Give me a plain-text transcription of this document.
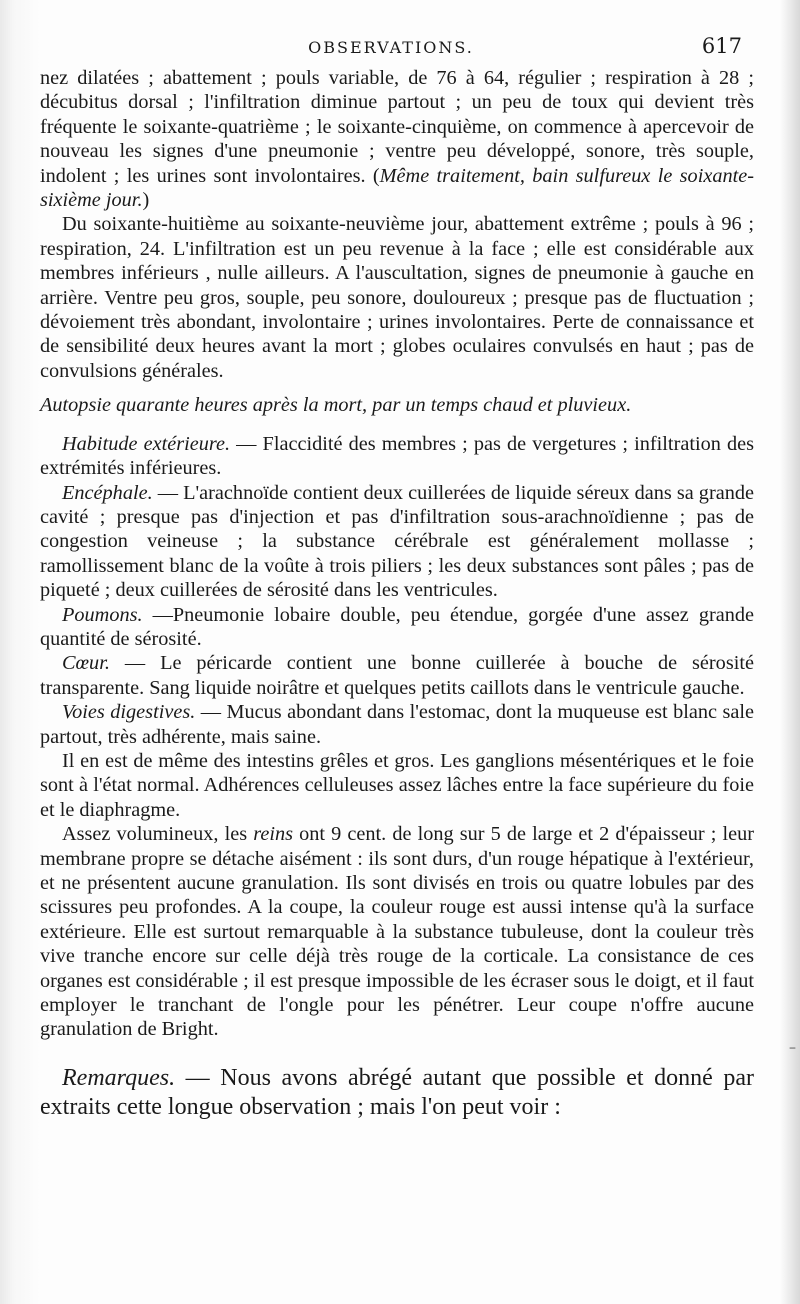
OBSERVATIONS.	617

nez dilatées ; abattement ; pouls variable, de 76 à 64, régulier ; respiration à 28 ; décubitus dorsal ; l'infiltration diminue partout ; un peu de toux qui devient très fréquente le soixante-quatrième ; le soixante-cinquième, on commence à apercevoir de nouveau les signes d'une pneumonie ; ventre peu développé, sonore, très souple, indolent ; les urines sont involontaires. (Même traitement, bain sulfureux le soixante-sixième jour.)

Du soixante-huitième au soixante-neuvième jour, abattement extrême ; pouls à 96 ; respiration, 24. L'infiltration est un peu revenue à la face ; elle est considérable aux membres inférieurs , nulle ailleurs. A l'auscultation, signes de pneumonie à gauche en arrière. Ventre peu gros, souple, peu sonore, douloureux ; presque pas de fluctuation ; dévoiement très abondant, involontaire ; urines involontaires. Perte de connaissance et de sensibilité deux heures avant la mort ; globes oculaires convulsés en haut ; pas de convulsions générales.

Autopsie quarante heures après la mort, par un temps chaud et pluvieux.

Habitude extérieure. — Flaccidité des membres ; pas de vergetures ; infiltration des extrémités inférieures.

Encéphale. — L'arachnoïde contient deux cuillerées de liquide séreux dans sa grande cavité ; presque pas d'injection et pas d'infiltration sous-arachnoïdienne ; pas de congestion veineuse ; la substance cérébrale est généralement mollasse ; ramollissement blanc de la voûte à trois piliers ; les deux substances sont pâles ; pas de piqueté ; deux cuillerées de sérosité dans les ventricules.

Poumons. —Pneumonie lobaire double, peu étendue, gorgée d'une assez grande quantité de sérosité.

Cœur. — Le péricarde contient une bonne cuillerée à bouche de sérosité transparente. Sang liquide noirâtre et quelques petits caillots dans le ventricule gauche.

Voies digestives. — Mucus abondant dans l'estomac, dont la muqueuse est blanc sale partout, très adhérente, mais saine.

Il en est de même des intestins grêles et gros. Les ganglions mésentériques et le foie sont à l'état normal. Adhérences celluleuses assez lâches entre la face supérieure du foie et le diaphragme.

Assez volumineux, les reins ont 9 cent. de long sur 5 de large et 2 d'épaisseur ; leur membrane propre se détache aisément : ils sont durs, d'un rouge hépatique à l'extérieur, et ne présentent aucune granulation. Ils sont divisés en trois ou quatre lobules par des scissures peu profondes. A la coupe, la couleur rouge est aussi intense qu'à la surface extérieure. Elle est surtout remarquable à la substance tubuleuse, dont la couleur très vive tranche encore sur celle déjà très rouge de la corticale. La consistance de ces organes est considérable ; il est presque impossible de les écraser sous le doigt, et il faut employer le tranchant de l'ongle pour les pénétrer. Leur coupe n'offre aucune granulation de Bright.

Remarques. — Nous avons abrégé autant que possible et donné par extraits cette longue observation ; mais l'on peut voir :

–
